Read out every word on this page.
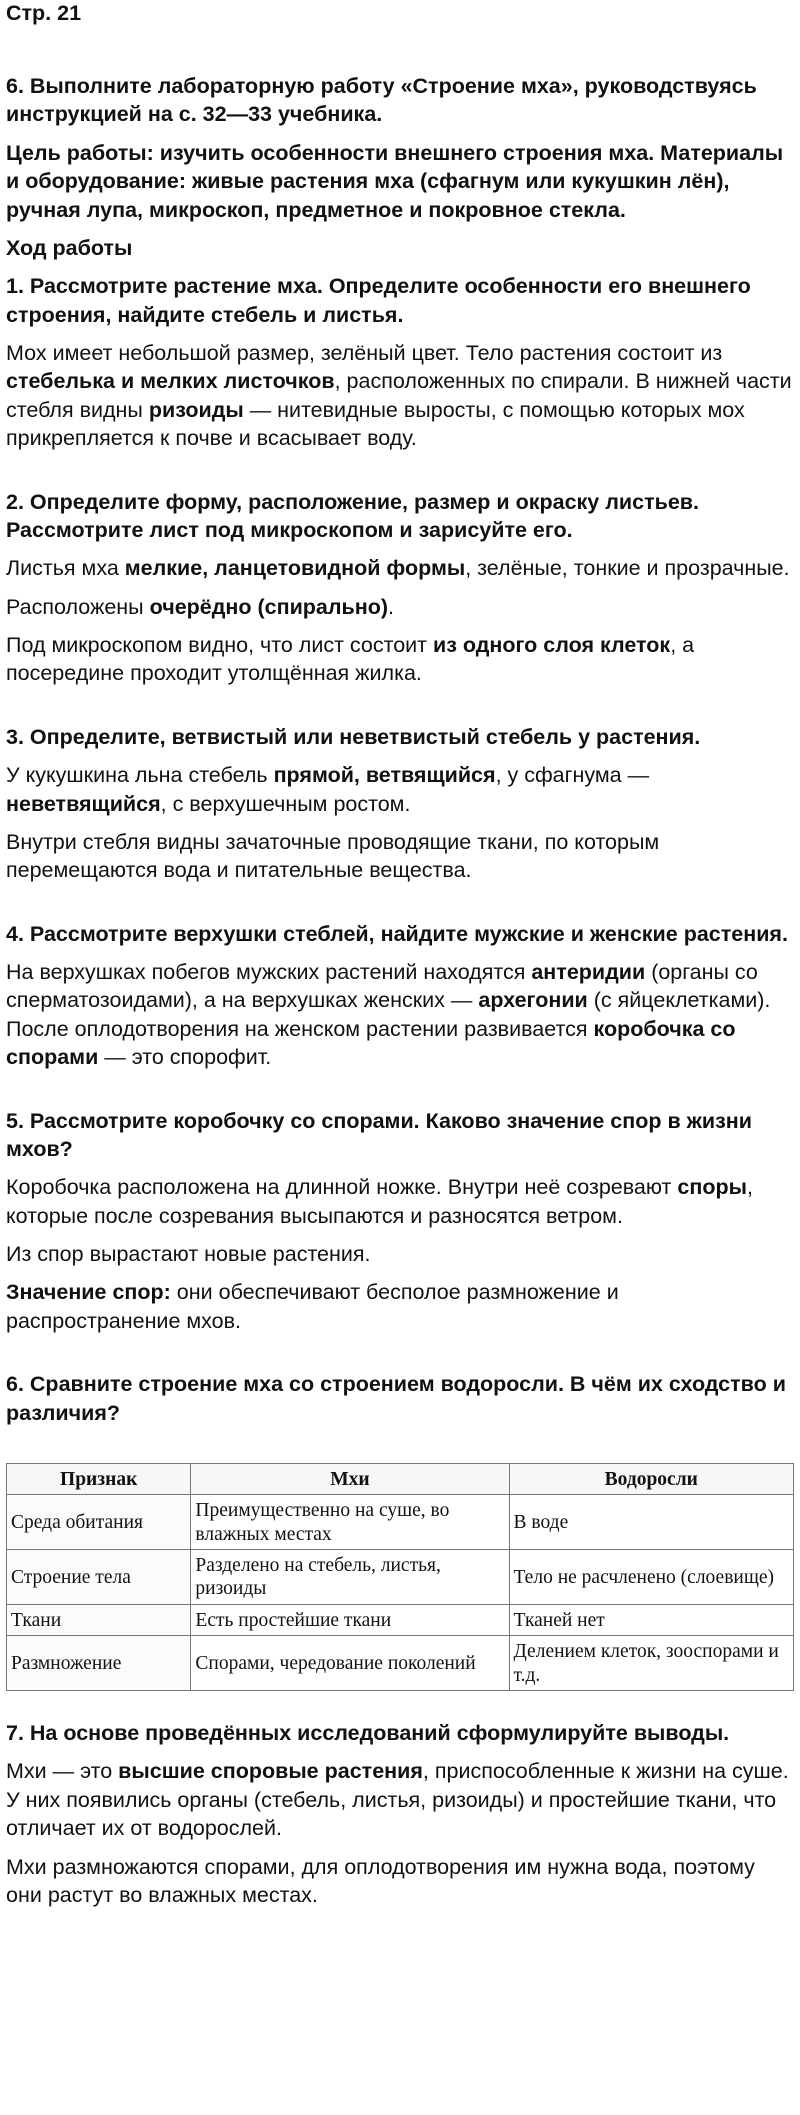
Стр. 21

6. Выполните лабораторную работу «Строение мха», руководствуясь инструкцией на с. 32—33 учебника.

Цель работы: изучить особенности внешнего строения мха. Материалы и оборудование: живые растения мха (сфагнум или кукушкин лён), ручная лупа, микроскоп, предметное и покровное стекла.

Ход работы

1. Рассмотрите растение мха. Определите особенности его внешнего строения, найдите стебель и листья.

Мох имеет небольшой размер, зелёный цвет. Тело растения состоит из стебелька и мелких листочков, расположенных по спирали. В нижней части стебля видны ризоиды — нитевидные выросты, с помощью которых мох прикрепляется к почве и всасывает воду.

2. Определите форму, расположение, размер и окраску листьев. Рассмотрите лист под микроскопом и зарисуйте его.

Листья мха мелкие, ланцетовидной формы, зелёные, тонкие и прозрачные.

Расположены очерёдно (спирально).

Под микроскопом видно, что лист состоит из одного слоя клеток, а посередине проходит утолщённая жилка.

3. Определите, ветвистый или неветвистый стебель у растения.

У кукушкина льна стебель прямой, ветвящийся, у сфагнума — неветвящийся, с верхушечным ростом.

Внутри стебля видны зачаточные проводящие ткани, по которым перемещаются вода и питательные вещества.

4. Рассмотрите верхушки стеблей, найдите мужские и женские растения.

На верхушках побегов мужских растений находятся антеридии (органы со сперматозоидами), а на верхушках женских — архегонии (с яйцеклетками). После оплодотворения на женском растении развивается коробочка со спорами — это спорофит.

5. Рассмотрите коробочку со спорами. Каково значение спор в жизни мхов?

Коробочка расположена на длинной ножке. Внутри неё созревают споры, которые после созревания высыпаются и разносятся ветром.

Из спор вырастают новые растения.

Значение спор: они обеспечивают бесполое размножение и распространение мхов.

6. Сравните строение мха со строением водоросли. В чём их сходство и различия?

Признак	Мхи	Водоросли
Среда обитания	Преимущественно на суше, во влажных местах	В воде
Строение тела	Разделено на стебель, листья, ризоиды	Тело не расчленено (слоевище)
Ткани	Есть простейшие ткани	Тканей нет
Размножение	Спорами, чередование поколений	Делением клеток, зооспорами и т.д.

7. На основе проведённых исследований сформулируйте выводы.

Мхи — это высшие споровые растения, приспособленные к жизни на суше. У них появились органы (стебель, листья, ризоиды) и простейшие ткани, что отличает их от водорослей.

Мхи размножаются спорами, для оплодотворения им нужна вода, поэтому они растут во влажных местах.
